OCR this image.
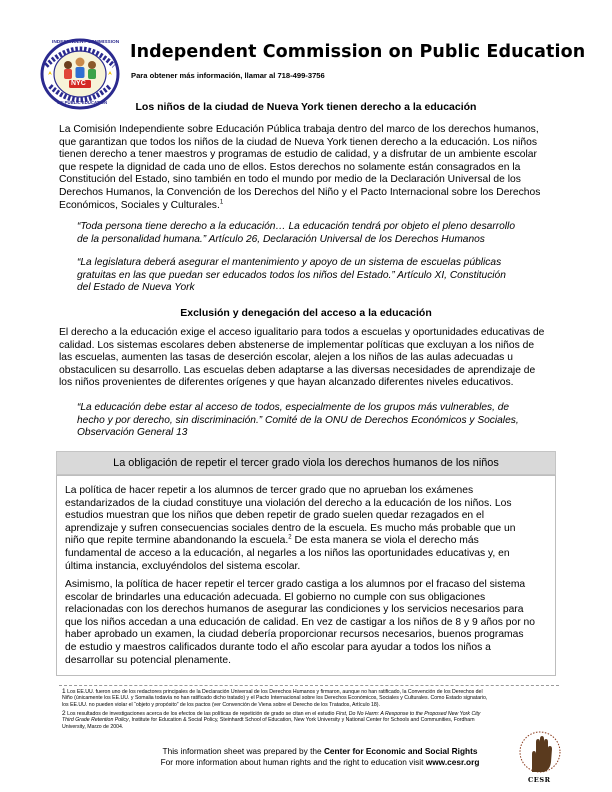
INDEPENDENT COMMISSION
NYC
ON PUBLIC EDUCATION
Independent Commission on Public Education
Para obtener más información, llamar al 718-499-3756
Los niños de la ciudad de Nueva York tienen derecho a la educación
La Comisión Independiente sobre Educación Pública trabaja dentro del marco de los derechos humanos,
que garantizan que todos los niños de la ciudad de Nueva York tienen derecho a la educación. Los niños
tienen derecho a tener maestros y programas de estudio de calidad, y a disfrutar de un ambiente escolar
que respete la dignidad de cada uno de ellos. Estos derechos no solamente están consagrados en la
Constitución del Estado, sino también en todo el mundo por medio de la Declaración Universal de los
Derechos Humanos, la Convención de los Derechos del Niño y el Pacto Internacional sobre los Derechos
Económicos, Sociales y Culturales.$^1$
“Toda persona tiene derecho a la educación… La educación tendrá por objeto el pleno desarrollo
de la personalidad humana.” Artículo 26, Declaración Universal de los Derechos Humanos
“La legislatura deberá asegurar el mantenimiento y apoyo de un sistema de escuelas públicas
gratuitas en las que puedan ser educados todos los niños del Estado.” Artículo XI, Constitución
del Estado de Nueva York
Exclusión y denegación del acceso a la educación
El derecho a la educación exige el acceso igualitario para todos a escuelas y oportunidades educativas de
calidad. Los sistemas escolares deben abstenerse de implementar políticas que excluyan a los niños de
las escuelas, aumenten las tasas de deserción escolar, alejen a los niños de las aulas adecuadas u
obstaculicen su desarrollo. Las escuelas deben adaptarse a las diversas necesidades de aprendizaje de
los niños provenientes de diferentes orígenes y que hayan alcanzado diferentes niveles educativos.
“La educación debe estar al acceso de todos, especialmente de los grupos más vulnerables, de
hecho y por derecho, sin discriminación.” Comité de la ONU de Derechos Económicos y Sociales,
Observación General 13
La obligación de repetir el tercer grado viola los derechos humanos de los niños
La política de hacer repetir a los alumnos de tercer grado que no aprueban los exámenes
estandarizados de la ciudad constituye una violación del derecho a la educación de los niños. Los
estudios muestran que los niños que deben repetir de grado suelen quedar rezagados en el
aprendizaje y sufren consecuencias sociales dentro de la escuela. Es mucho más probable que un
niño que repite termine abandonando la escuela.$^2$ De esta manera se viola el derecho más
fundamental de acceso a la educación, al negarles a los niños las oportunidades educativas y, en
última instancia, excluyéndolos del sistema escolar.
Asimismo, la política de hacer repetir el tercer grado castiga a los alumnos por el fracaso del sistema
escolar de brindarles una educación adecuada. El gobierno no cumple con sus obligaciones
relacionadas con los derechos humanos de asegurar las condiciones y los servicios necesarios para
que los niños accedan a una educación de calidad. En vez de castigar a los niños de 8 y 9 años por no
haber aprobado un examen, la ciudad debería proporcionar recursos necesarios, buenos programas
de estudio y maestros calificados durante todo el año escolar para ayudar a todos los niños a
desarrollar su potencial plenamente.
1 Los EE.UU. fueron uno de los redactores principales de la Declaración Universal de los Derechos Humanos y firmaron, aunque no han ratificado, la Convención de los Derechos del
Niño (únicamente los EE.UU. y Somalia todavía no han ratificado dicho tratado) y el Pacto Internacional sobre los Derechos Económicos, Sociales y Culturales. Como Estado signatario,
los EE.UU. no pueden violar el “objeto y propósito” de los pactos (ver Convención de Viena sobre el Derecho de los Tratados, Artículo 18).
2 Los resultados de investigaciones acerca de los efectos de las políticas de repetición de grado se citan en el estudio First, Do No Harm: A Response to the Proposed New York City
Third Grade Retention Policy, Institute for Education & Social Policy, Steinhardt School of Education, New York University y National Center for Schools and Communities, Fordham
University, Marzo de 2004.
This information sheet was prepared by the Center for Economic and Social Rights
For more information about human rights and the right to education visit www.cesr.org
CESR
